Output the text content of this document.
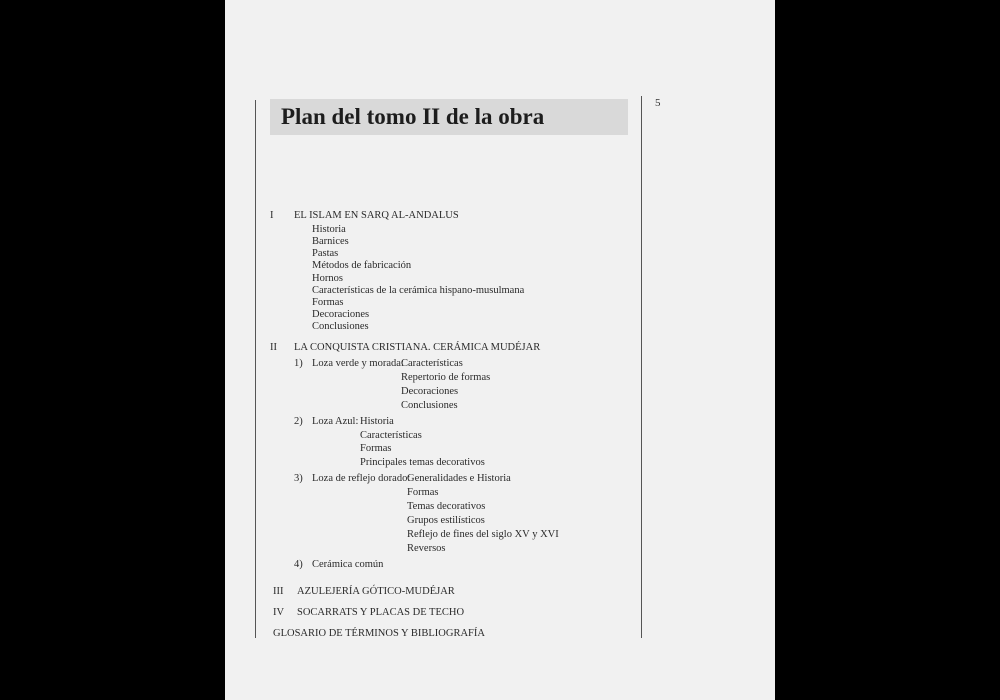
5
Plan del tomo II de la obra
I EL ISLAM EN SARQ AL-ANDALUS
Historia
Barnices
Pastas
Métodos de fabricación
Hornos
Características de la cerámica hispano-musulmana
Formas
Decoraciones
Conclusiones
II LA CONQUISTA CRISTIANA. CERÁMICA MUDÉJAR
1) Loza verde y morada:
Características
Repertorio de formas
Decoraciones
Conclusiones
2) Loza Azul: Historia
Características
Formas
Principales temas decorativos
3) Loza de reflejo dorado:
Generalidades e Historia
Formas
Temas decorativos
Grupos estilísticos
Reflejo de fines del siglo XV y XVI
Reversos
4) Cerámica común
III AZULEJERÍA GÓTICO-MUDÉJAR
IV SOCARRATS Y PLACAS DE TECHO
GLOSARIO DE TÉRMINOS Y BIBLIOGRAFÍA
